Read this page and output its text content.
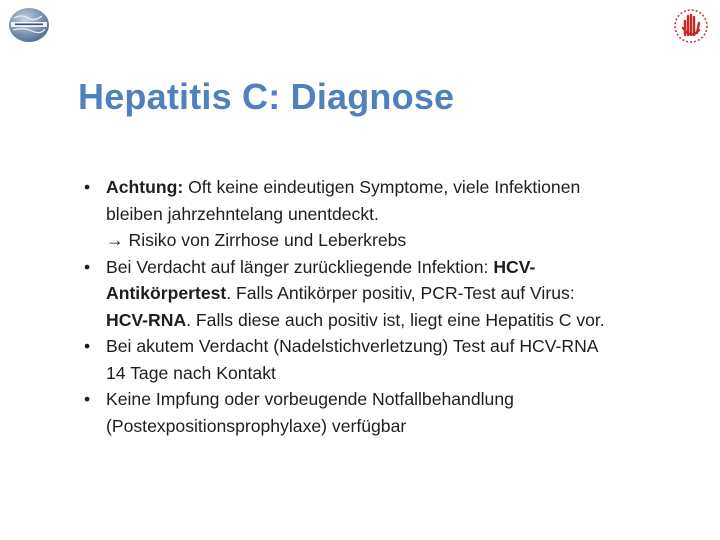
Hepatitis C: Diagnose
• Achtung: Oft keine eindeutigen Symptome, viele Infektionen
bleiben jahrzehntelang unentdeckt.
→ Risiko von Zirrhose und Leberkrebs
• Bei Verdacht auf länger zurückliegende Infektion: HCV-
Antikörpertest. Falls Antikörper positiv, PCR-Test auf Virus:
HCV-RNA. Falls diese auch positiv ist, liegt eine Hepatitis C vor.
• Bei akutem Verdacht (Nadelstichverletzung) Test auf HCV-RNA
14 Tage nach Kontakt
• Keine Impfung oder vorbeugende Notfallbehandlung
(Postexpositionsprophylaxe) verfügbar
